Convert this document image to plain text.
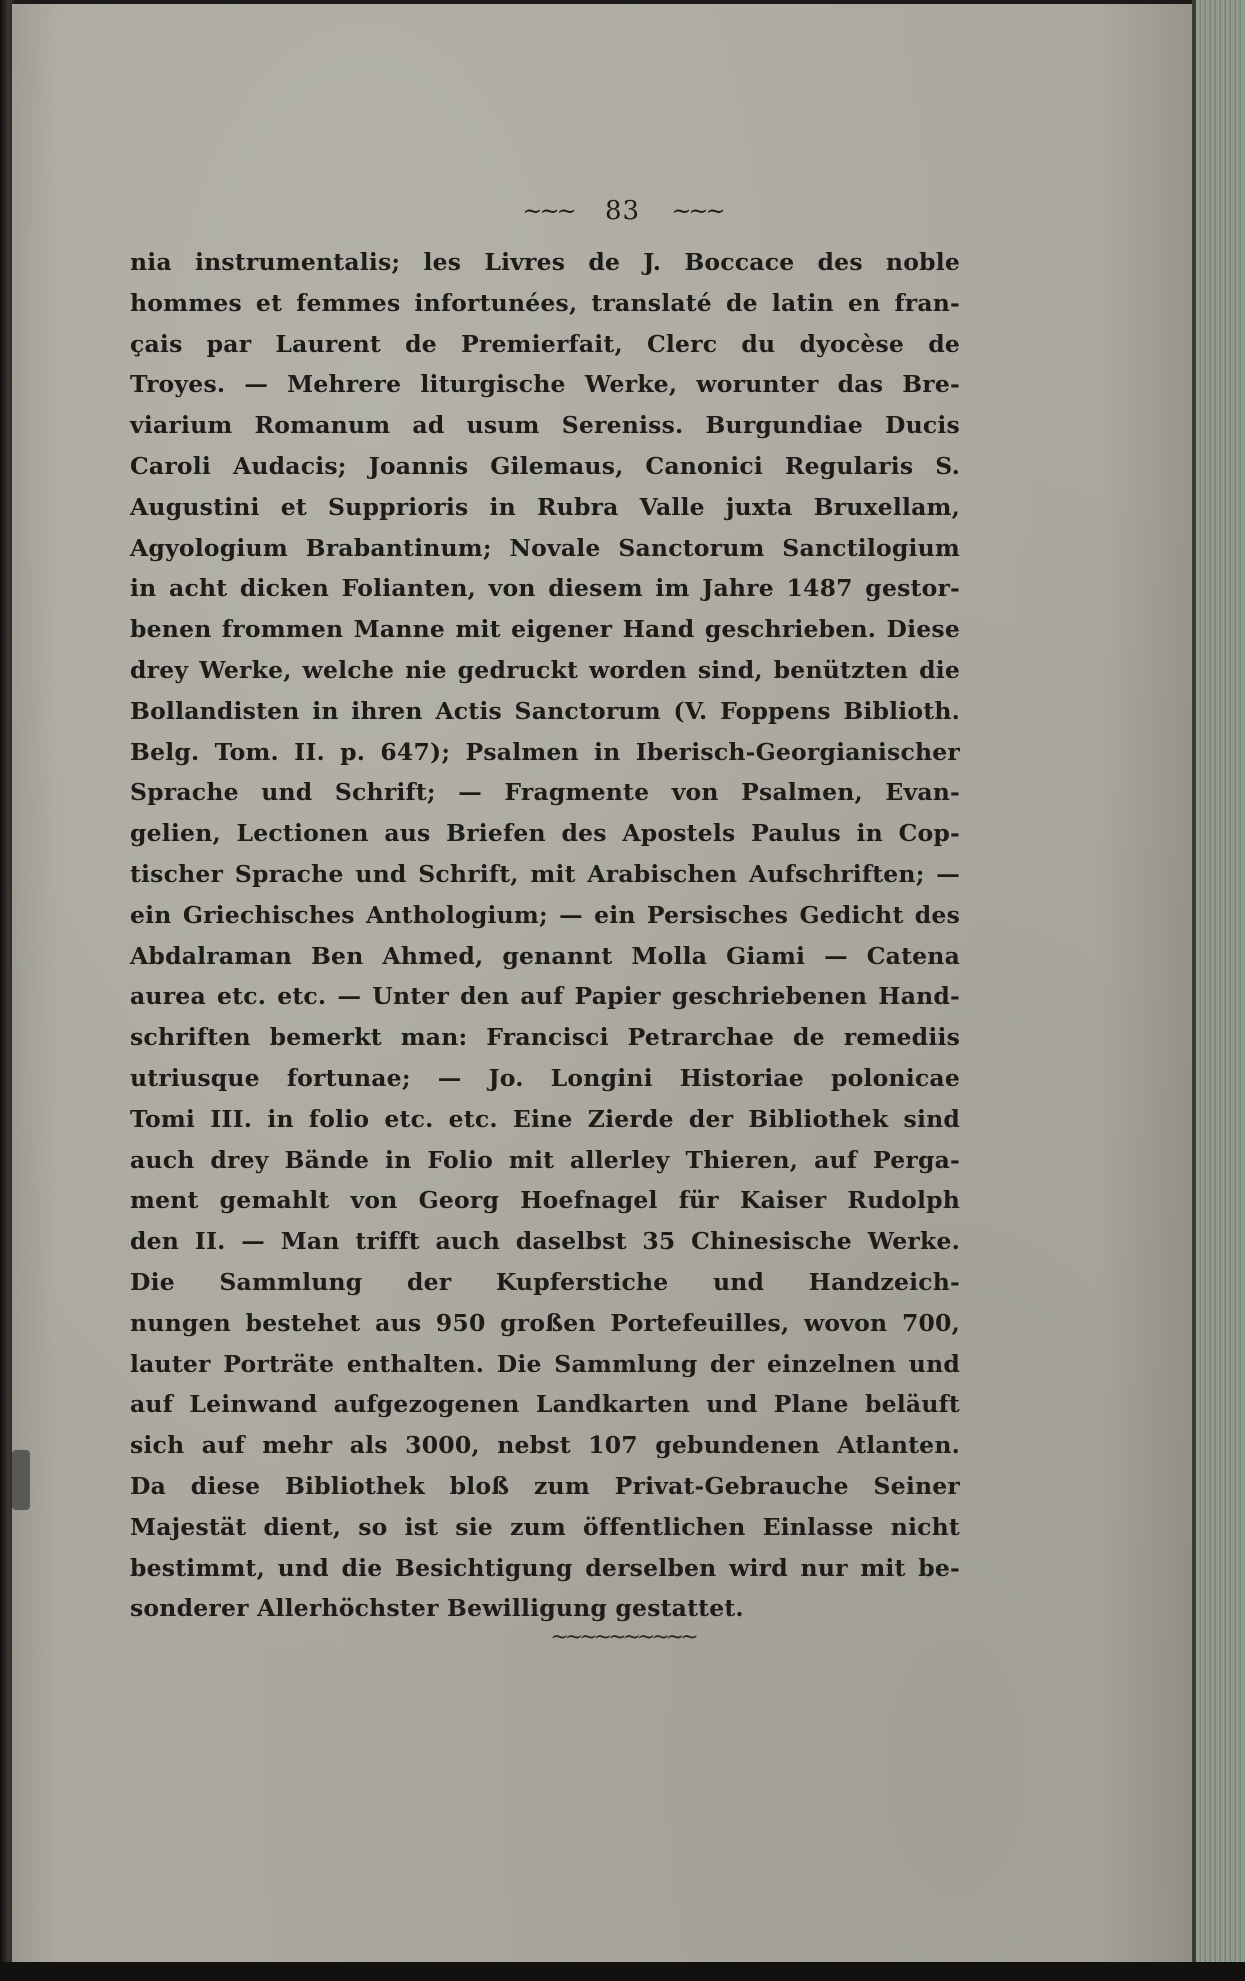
~~~ 83 ~~~
nia instrumentalis; les Livres de J. Boccace des noble
hommes et femmes infortunées, translaté de latin en fran-
çais par Laurent de Premierfait, Clerc du dyocèse de
Troyes. — Mehrere liturgische Werke, worunter das Bre-
viarium Romanum ad usum Sereniss. Burgundiae Ducis
Caroli Audacis; Joannis Gilemaus, Canonici Regularis S.
Augustini et Supprioris in Rubra Valle juxta Bruxellam,
Agyologium Brabantinum; Novale Sanctorum Sanctilogium
in acht dicken Folianten, von diesem im Jahre 1487 gestor-
benen frommen Manne mit eigener Hand geschrieben. Diese
drey Werke, welche nie gedruckt worden sind, benützten die
Bollandisten in ihren Actis Sanctorum (V. Foppens Biblioth.
Belg. Tom. II. p. 647); Psalmen in Iberisch-Georgianischer
Sprache und Schrift; — Fragmente von Psalmen, Evan-
gelien, Lectionen aus Briefen des Apostels Paulus in Cop-
tischer Sprache und Schrift, mit Arabischen Aufschriften; —
ein Griechisches Anthologium; — ein Persisches Gedicht des
Abdalraman Ben Ahmed, genannt Molla Giami — Catena
aurea etc. etc. — Unter den auf Papier geschriebenen Hand-
schriften bemerkt man: Francisci Petrarchae de remediis
utriusque fortunae; — Jo. Longini Historiae polonicae
Tomi III. in folio etc. etc. Eine Zierde der Bibliothek sind
auch drey Bände in Folio mit allerley Thieren, auf Perga-
ment gemahlt von Georg Hoefnagel für Kaiser Rudolph
den II. — Man trifft auch daselbst 35 Chinesische Werke.
Die Sammlung der Kupferstiche und Handzeich-
nungen bestehet aus 950 großen Portefeuilles, wovon 700,
lauter Porträte enthalten. Die Sammlung der einzelnen und
auf Leinwand aufgezogenen Landkarten und Plane beläuft
sich auf mehr als 3000, nebst 107 gebundenen Atlanten.
Da diese Bibliothek bloß zum Privat-Gebrauche Seiner
Majestät dient, so ist sie zum öffentlichen Einlasse nicht
bestimmt, und die Besichtigung derselben wird nur mit be-
sonderer Allerhöchster Bewilligung gestattet.
~~~~~~~~~~
